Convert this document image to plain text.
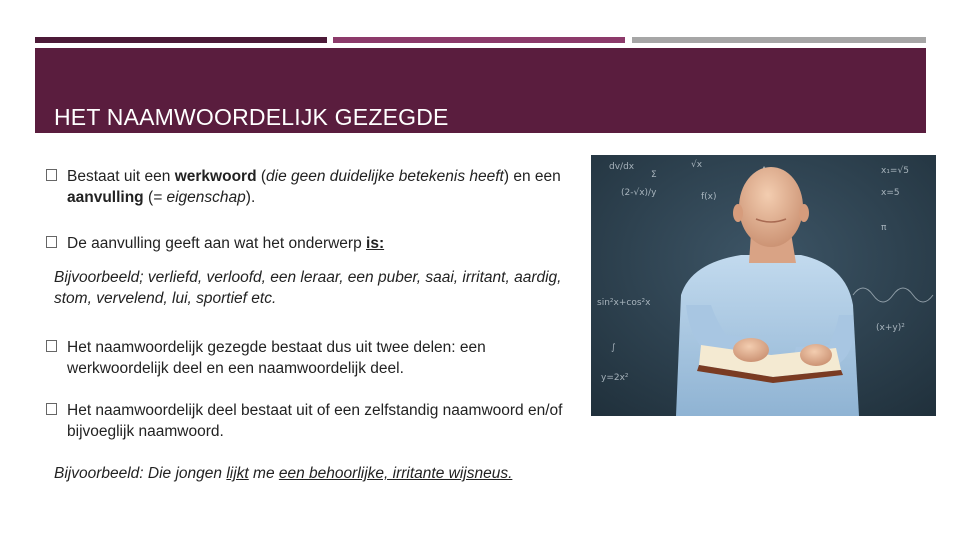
HET NAAMWOORDELIJK GEZEGDE
Bestaat uit een werkwoord (die geen duidelijke betekenis heeft) en een aanvulling (= eigenschap).
De aanvulling geeft aan wat het onderwerp is:
Bijvoorbeeld; verliefd, verloofd, een leraar, een puber, saai, irritant, aardig, stom, vervelend, lui, sportief etc.
Het naamwoordelijk gezegde bestaat dus uit twee delen: een werkwoordelijk deel en een naamwoordelijk deel.
Het naamwoordelijk deel bestaat uit of een zelfstandig naamwoord en/of bijvoeglijk naamwoord.
Bijvoorbeeld: Die jongen lijkt me een behoorlijke, irritante wijsneus.
dv/dx
Σ
√x
x₁=√5
(2-√x)/y	f(x)	x=5
sin²x+cos²x
∫
π
y=2x²
(x+y)²
